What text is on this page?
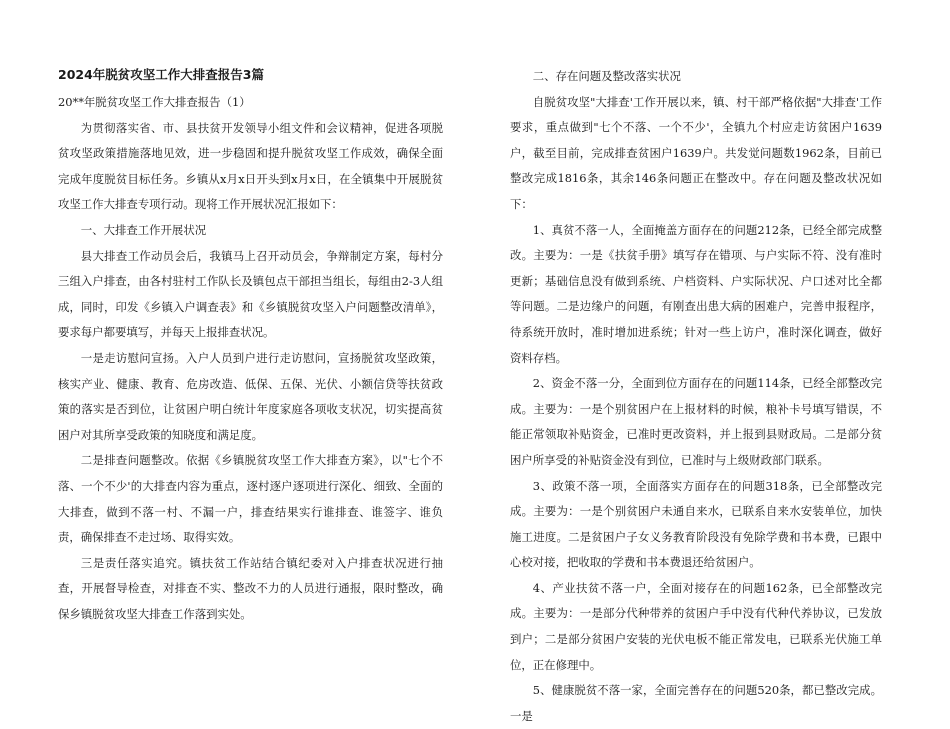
2024年脱贫攻坚工作大排查报告3篇

20**年脱贫攻坚工作大排查报告（1）

为贯彻落实省、市、县扶贫开发领导小组文件和会议精神，促进各项脱贫攻坚政策措施落地见效，进一步稳固和提升脱贫攻坚工作成效，确保全面完成年度脱贫目标任务。乡镇从x月x日开头到x月x日，在全镇集中开展脱贫攻坚工作大排查专项行动。现将工作开展状况汇报如下：

一、大排查工作开展状况

县大排查工作动员会后，我镇马上召开动员会，争辩制定方案，每村分三组入户排查，由各村驻村工作队长及镇包点干部担当组长，每组由2-3人组成，同时，印发《乡镇入户调查表》和《乡镇脱贫攻坚入户问题整改清单》，要求每户都要填写，并每天上报排查状况。

一是走访慰问宣扬。入户人员到户进行走访慰问，宣扬脱贫攻坚政策，核实产业、健康、教育、危房改造、低保、五保、光伏、小额信贷等扶贫政策的落实是否到位，让贫困户明白统计年度家庭各项收支状况，切实提高贫困户对其所享受政策的知晓度和满足度。

二是排查问题整改。依据《乡镇脱贫攻坚工作大排查方案》，以"七个不落、一个不少'的大排查内容为重点，逐村逐户逐项进行深化、细致、全面的大排查，做到不落一村、不漏一户，排查结果实行谁排查、谁签字、谁负责，确保排查不走过场、取得实效。

三是责任落实追究。镇扶贫工作站结合镇纪委对入户排查状况进行抽查，开展督导检查，对排查不实、整改不力的人员进行通报，限时整改，确保乡镇脱贫攻坚大排查工作落到实处。

二、存在问题及整改落实状况

自脱贫攻坚"大排查'工作开展以来，镇、村干部严格依据"大排查'工作要求，重点做到"七个不落、一个不少'，全镇九个村应走访贫困户1639户，截至目前，完成排查贫困户1639户。共发觉问题数1962条，目前已整改完成1816条，其余146条问题正在整改中。存在问题及整改状况如下：

1、真贫不落一人，全面掩盖方面存在的问题212条，已经全部完成整改。主要为：一是《扶贫手册》填写存在错项、与户实际不符、没有准时更新；基础信息没有做到系统、户档资料、户实际状况、户口述对比全都等问题。二是边缘户的问题，有刚查出患大病的困难户，完善申报程序，待系统开放时，准时增加进系统；针对一些上访户，准时深化调查，做好资料存档。

2、资金不落一分，全面到位方面存在的问题114条，已经全部整改完成。主要为：一是个别贫困户在上报材料的时候，粮补卡号填写错误，不能正常领取补贴资金，已准时更改资料，并上报到县财政局。二是部分贫困户所享受的补贴资金没有到位，已准时与上级财政部门联系。

3、政策不落一项，全面落实方面存在的问题318条，已全部整改完成。主要为：一是个别贫困户未通自来水，已联系自来水安装单位，加快施工进度。二是贫困户子女义务教育阶段没有免除学费和书本费，已跟中心校对接，把收取的学费和书本费退还给贫困户。

4、产业扶贫不落一户，全面对接存在的问题162条，已全部整改完成。主要为：一是部分代种带养的贫困户手中没有代种代养协议，已发放到户；二是部分贫困户安装的光伏电板不能正常发电，已联系光伏施工单位，正在修理中。

5、健康脱贫不落一家，全面完善存在的问题520条，都已整改完成。一是
